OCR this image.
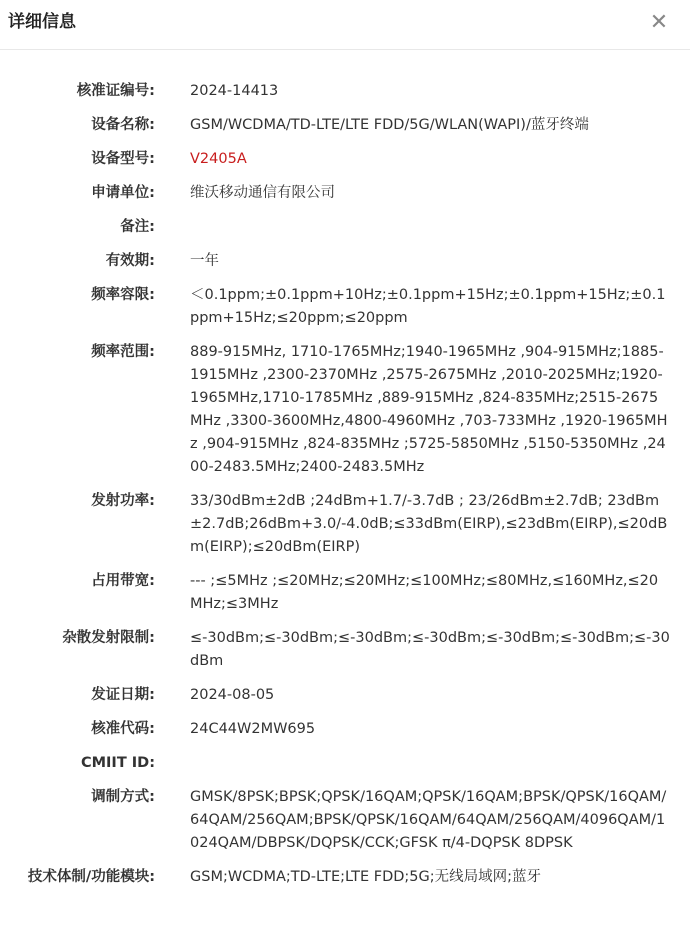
详细信息	✕
核准证编号: 2024-14413
设备名称: GSM/WCDMA/TD-LTE/LTE FDD/5G/WLAN(WAPI)/蓝牙终端
设备型号: V2405A
申请单位: 维沃移动通信有限公司
备注:
有效期: 一年
频率容限: ＜0.1ppm;±0.1ppm+10Hz;±0.1ppm+15Hz;±0.1ppm+15Hz;±0.1ppm+15Hz;≤20ppm;≤20ppm
频率范围: 889-915MHz, 1710-1765MHz;1940-1965MHz ,904-915MHz;1885-1915MHz ,2300-2370MHz ,2575-2675MHz ,2010-2025MHz;1920-1965MHz,1710-1785MHz ,889-915MHz ,824-835MHz;2515-2675MHz ,3300-3600MHz,4800-4960MHz ,703-733MHz ,1920-1965MHz ,904-915MHz ,824-835MHz ;5725-5850MHz ,5150-5350MHz ,2400-2483.5MHz;2400-2483.5MHz
发射功率: 33/30dBm±2dB ;24dBm+1.7/-3.7dB ; 23/26dBm±2.7dB; 23dBm±2.7dB;26dBm+3.0/-4.0dB;≤33dBm(EIRP),≤23dBm(EIRP),≤20dBm(EIRP);≤20dBm(EIRP)
占用带宽: --- ;≤5MHz ;≤20MHz;≤20MHz;≤100MHz;≤80MHz,≤160MHz,≤20MHz;≤3MHz
杂散发射限制: ≤-30dBm;≤-30dBm;≤-30dBm;≤-30dBm;≤-30dBm;≤-30dBm;≤-30dBm
发证日期: 2024-08-05
核准代码: 24C44W2MW695
CMIIT ID:
调制方式: GMSK/8PSK;BPSK;QPSK/16QAM;QPSK/16QAM;BPSK/QPSK/16QAM/64QAM/256QAM;BPSK/QPSK/16QAM/64QAM/256QAM/4096QAM/1024QAM/DBPSK/DQPSK/CCK;GFSK π/4-DQPSK 8DPSK
技术体制/功能模块: GSM;WCDMA;TD-LTE;LTE FDD;5G;无线局域网;蓝牙
